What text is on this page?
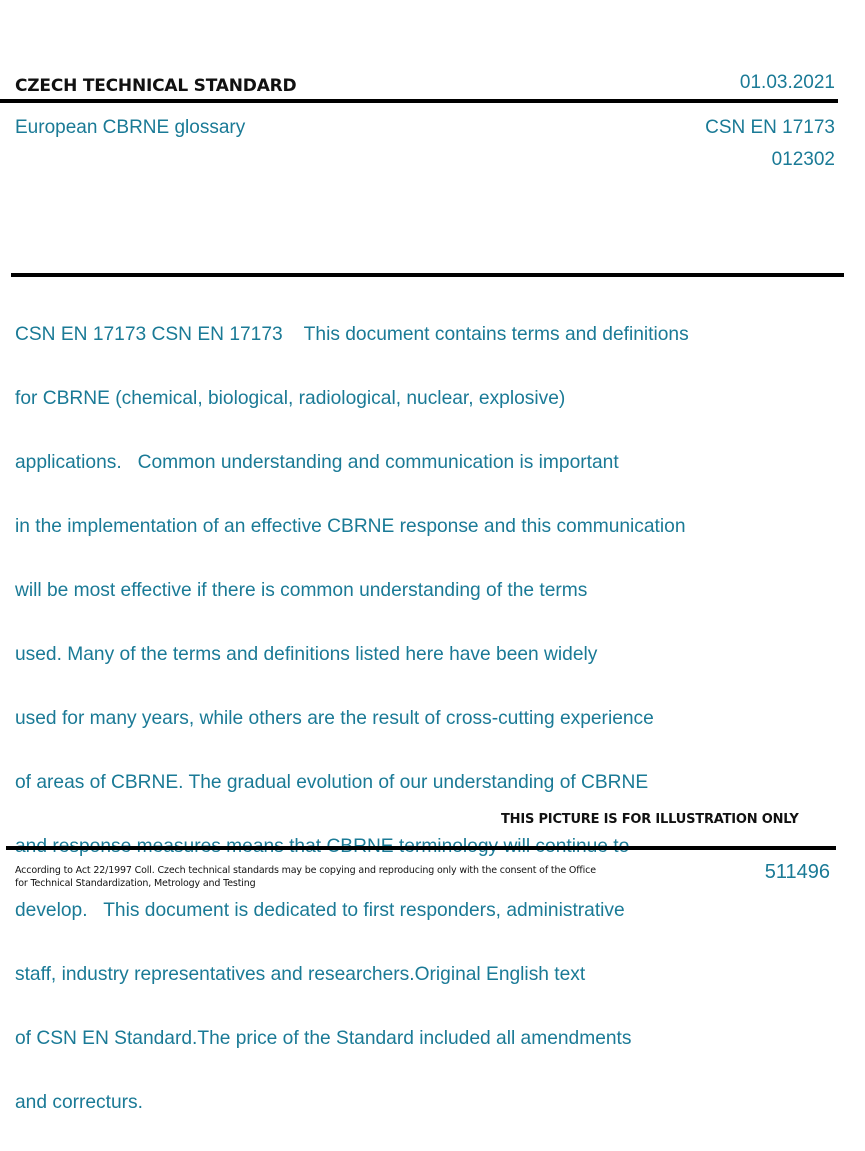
CZECH TECHNICAL STANDARD	01.03.2021
European CBRNE glossary	CSN EN 17173
012302

CSN EN 17173 CSN EN 17173    This document contains terms and definitions

for CBRNE (chemical, biological, radiological, nuclear, explosive)

applications.   Common understanding and communication is important

in the implementation of an effective CBRNE response and this communication

will be most effective if there is common understanding of the terms

used. Many of the terms and definitions listed here have been widely

used for many years, while others are the result of cross-cutting experience

of areas of CBRNE. The gradual evolution of our understanding of CBRNE

develop.   This document is dedicated to first responders, administrative

staff, industry representatives and researchers.Original English text

of CSN EN Standard.The price of the Standard included all amendments

and correcturs.

THIS PICTURE IS FOR ILLUSTRATION ONLY
According to Act 22/1997 Coll. Czech technical standards may be copying and reproducing only with the consent of the Office
for Technical Standardization, Metrology and Testing
511496
